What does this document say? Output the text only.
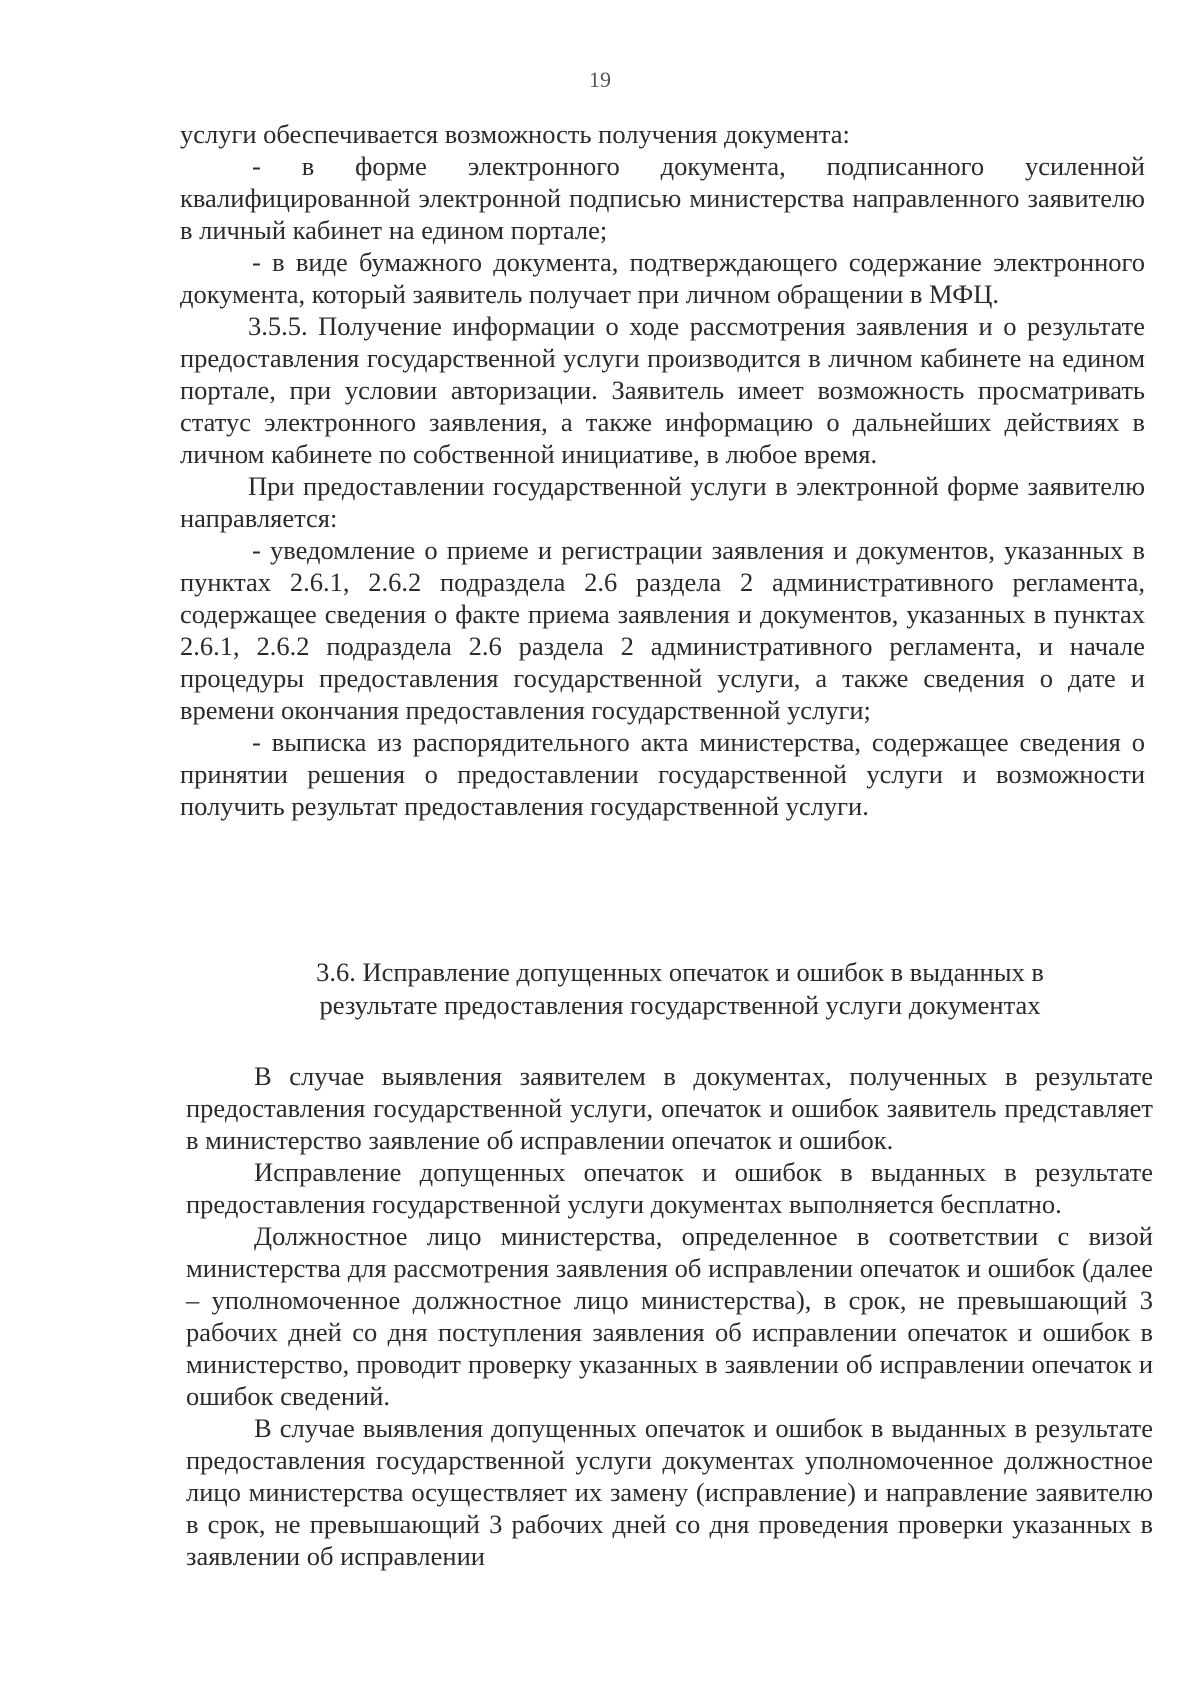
19

услуги обеспечивается возможность получения документа:

- в форме электронного документа, подписанного усиленной квалифицированной электронной подписью министерства направленного заявителю в личный кабинет на едином портале;

- в виде бумажного документа, подтверждающего содержание электронного документа, который заявитель получает при личном обращении в МФЦ.

3.5.5. Получение информации о ходе рассмотрения заявления и о результате предоставления государственной услуги производится в личном кабинете на едином портале, при условии авторизации. Заявитель имеет возможность просматривать статус электронного заявления, а также информацию о дальнейших действиях в личном кабинете по собственной инициативе, в любое время.

При предоставлении государственной услуги в электронной форме заявителю направляется:

- уведомление о приеме и регистрации заявления и документов, указанных в пунктах 2.6.1, 2.6.2 подраздела 2.6 раздела 2 административного регламента, содержащее сведения о факте приема заявления и документов, указанных в пунктах 2.6.1, 2.6.2 подраздела 2.6 раздела 2 административного регламента, и начале процедуры предоставления государственной услуги, а также сведения о дате и времени окончания предоставления государственной услуги;

- выписка из распорядительного акта министерства, содержащее сведения о принятии решения о предоставлении государственной услуги и возможности получить результат предоставления государственной услуги.

3.6. Исправление допущенных опечаток и ошибок в выданных в
результате предоставления государственной услуги документах

В случае выявления заявителем в документах, полученных в результате предоставления государственной услуги, опечаток и ошибок заявитель представляет в министерство заявление об исправлении опечаток и ошибок.

Исправление допущенных опечаток и ошибок в выданных в результате предоставления государственной услуги документах выполняется бесплатно.

Должностное лицо министерства, определенное в соответствии с визой министерства для рассмотрения заявления об исправлении опечаток и ошибок (далее – уполномоченное должностное лицо министерства), в срок, не превышающий 3 рабочих дней со дня поступления заявления об исправлении опечаток и ошибок в министерство, проводит проверку указанных в заявлении об исправлении опечаток и ошибок сведений.

В случае выявления допущенных опечаток и ошибок в выданных в результате предоставления государственной услуги документах уполномоченное должностное лицо министерства осуществляет их замену (исправление) и направление заявителю в срок, не превышающий 3 рабочих дней со дня проведения проверки указанных в заявлении об исправлении
